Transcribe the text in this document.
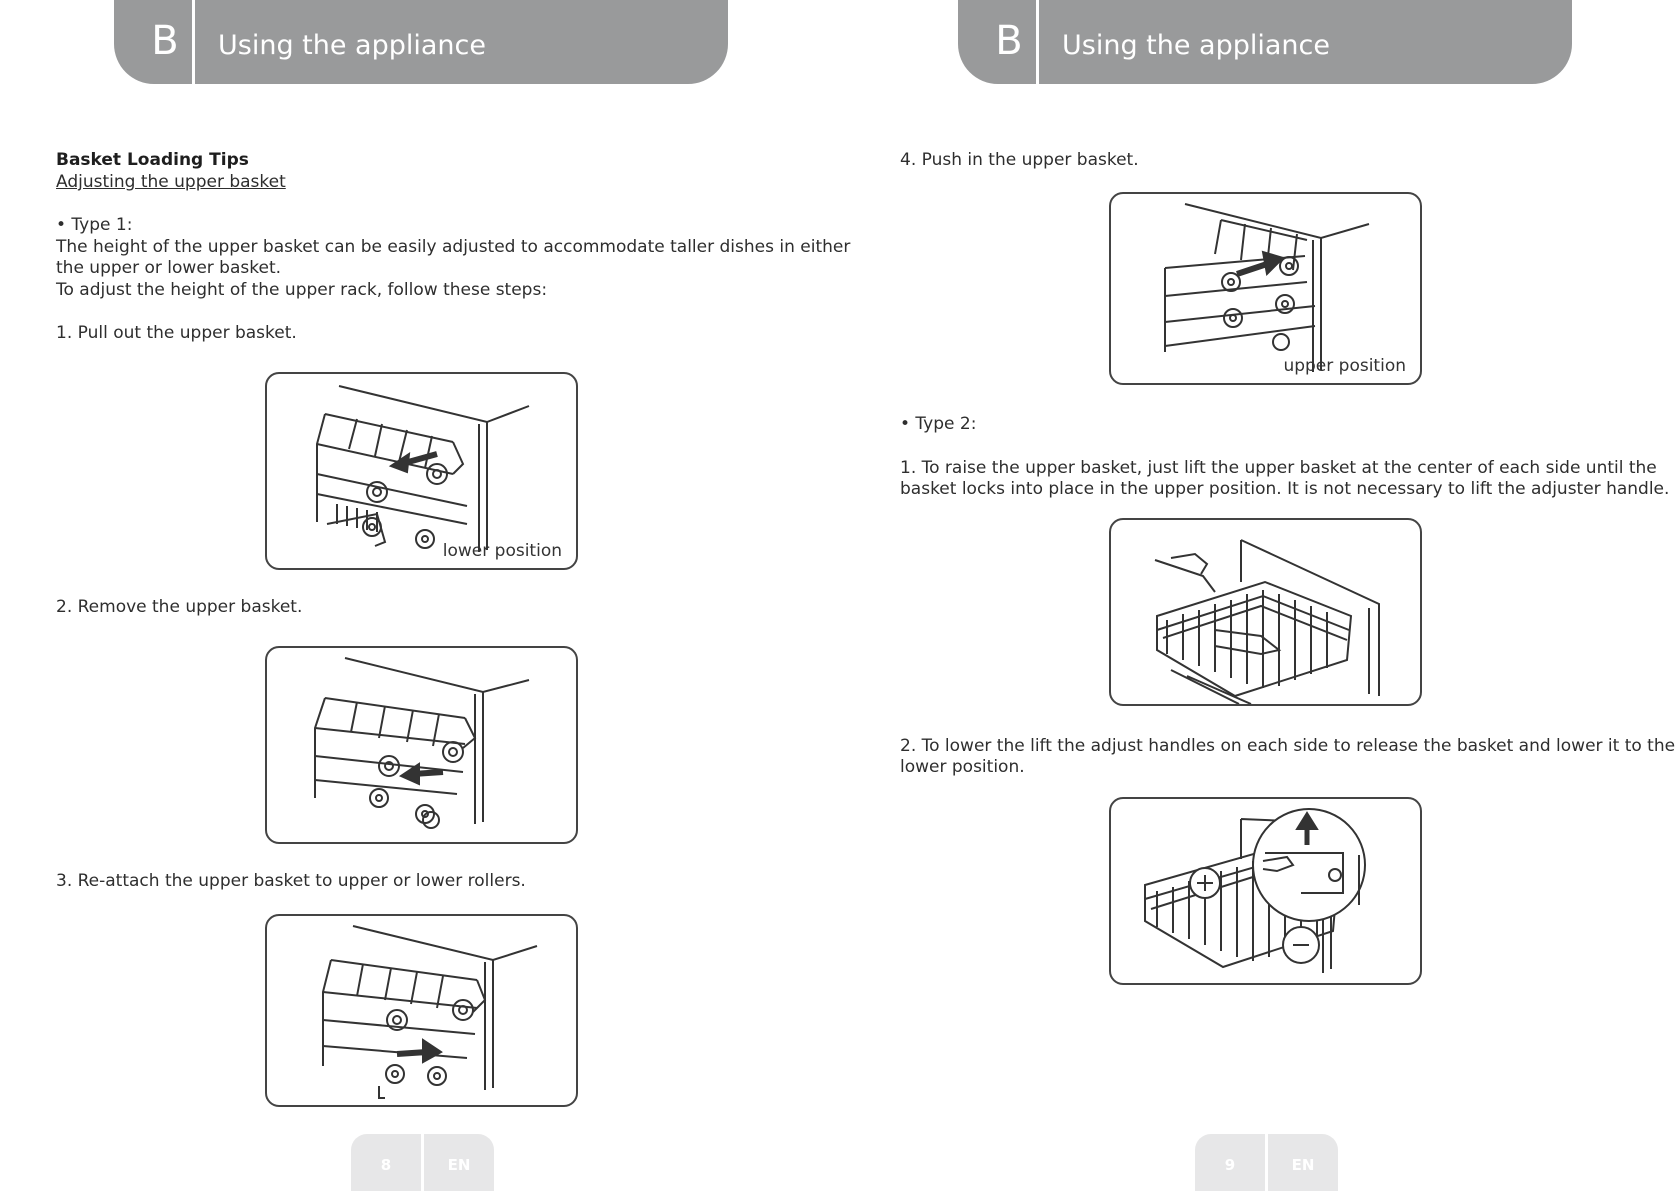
B	Using the appliance
Basket Loading Tips
Adjusting the upper basket
• Type 1:
The height of the upper basket can be easily adjusted to accommodate taller dishes in either
the upper or lower basket.
To adjust the height of the upper rack, follow these steps:
1. Pull out the upper basket.
lower position
2. Remove the upper basket.
3. Re-attach the upper basket to upper or lower rollers.
8	EN
B	Using the appliance
4. Push in the upper basket.
upper position
• Type 2:
1. To raise the upper basket, just lift the upper basket at the center of each side until the
basket locks into place in the upper position. It is not necessary to lift the adjuster handle.
2. To lower the lift the adjust handles on each side to release the basket and lower it to the
lower position.
9	EN
